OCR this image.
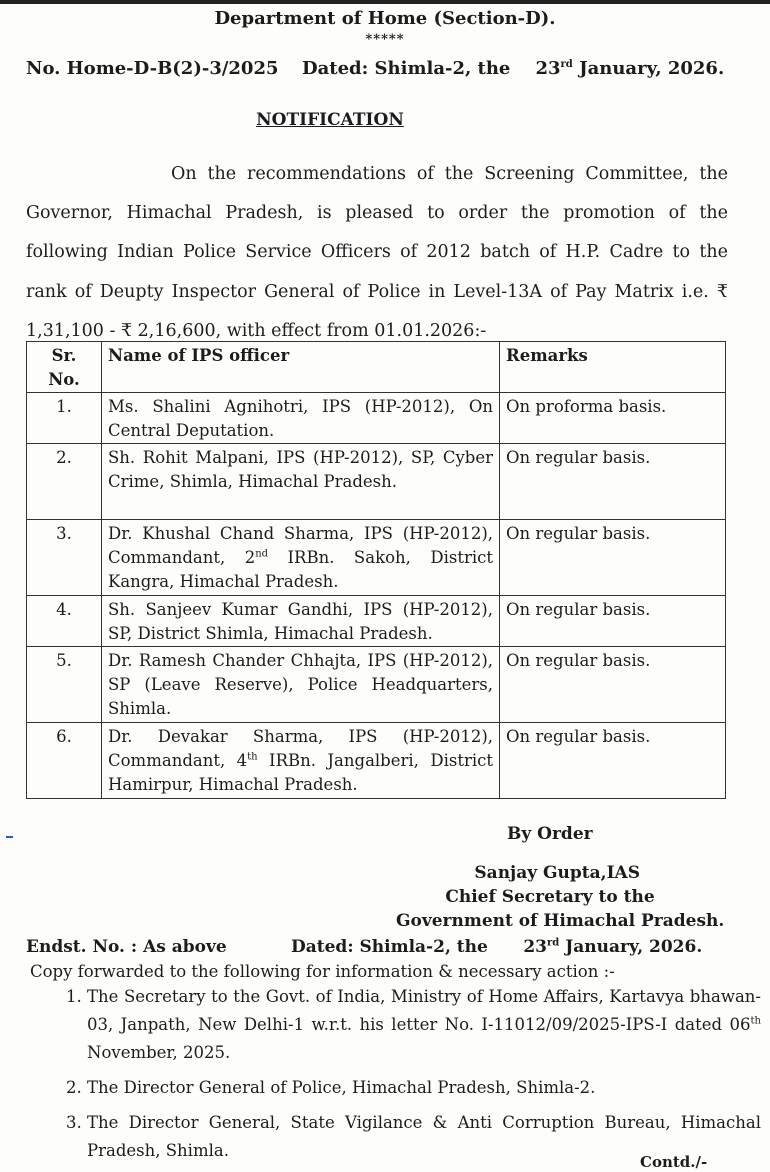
Department of Home (Section-D).
*****
No. Home-D-B(2)-3/2025 Dated: Shimla-2, the 23rd January, 2026.
NOTIFICATION

On the recommendations of the Screening Committee, the Governor, Himachal Pradesh, is pleased to order the promotion of the following Indian Police Service Officers of 2012 batch of H.P. Cadre to the rank of Deupty Inspector General of Police in Level-13A of Pay Matrix i.e. ₹ 1,31,100 - ₹ 2,16,600, with effect from 01.01.2026:-

Sr. No.	Name of IPS officer	Remarks
1.	Ms. Shalini Agnihotri, IPS (HP-2012), On Central Deputation.	On proforma basis.
2.	Sh. Rohit Malpani, IPS (HP-2012), SP, Cyber Crime, Shimla, Himachal Pradesh.	On regular basis.
3.	Dr. Khushal Chand Sharma, IPS (HP-2012), Commandant, 2nd IRBn. Sakoh, District Kangra, Himachal Pradesh.	On regular basis.
4.	Sh. Sanjeev Kumar Gandhi, IPS (HP-2012), SP, District Shimla, Himachal Pradesh.	On regular basis.
5.	Dr. Ramesh Chander Chhajta, IPS (HP-2012), SP (Leave Reserve), Police Headquarters, Shimla.	On regular basis.
6.	Dr. Devakar Sharma, IPS (HP-2012), Commandant, 4th IRBn. Jangalberi, District Hamirpur, Himachal Pradesh.	On regular basis.
By Order
Sanjay Gupta,IAS
Chief Secretary to the
Government of Himachal Pradesh.
Endst. No. : As above	Dated: Shimla-2, the 23rd January, 2026.
Copy forwarded to the following for information & necessary action :-
1. The Secretary to the Govt. of India, Ministry of Home Affairs, Kartavya bhawan-03, Janpath, New Delhi-1 w.r.t. his letter No. I-11012/09/2025-IPS-I dated 06th November, 2025.
2. The Director General of Police, Himachal Pradesh, Shimla-2.
3. The Director General, State Vigilance & Anti Corruption Bureau, Himachal Pradesh, Shimla.
Contd./-
